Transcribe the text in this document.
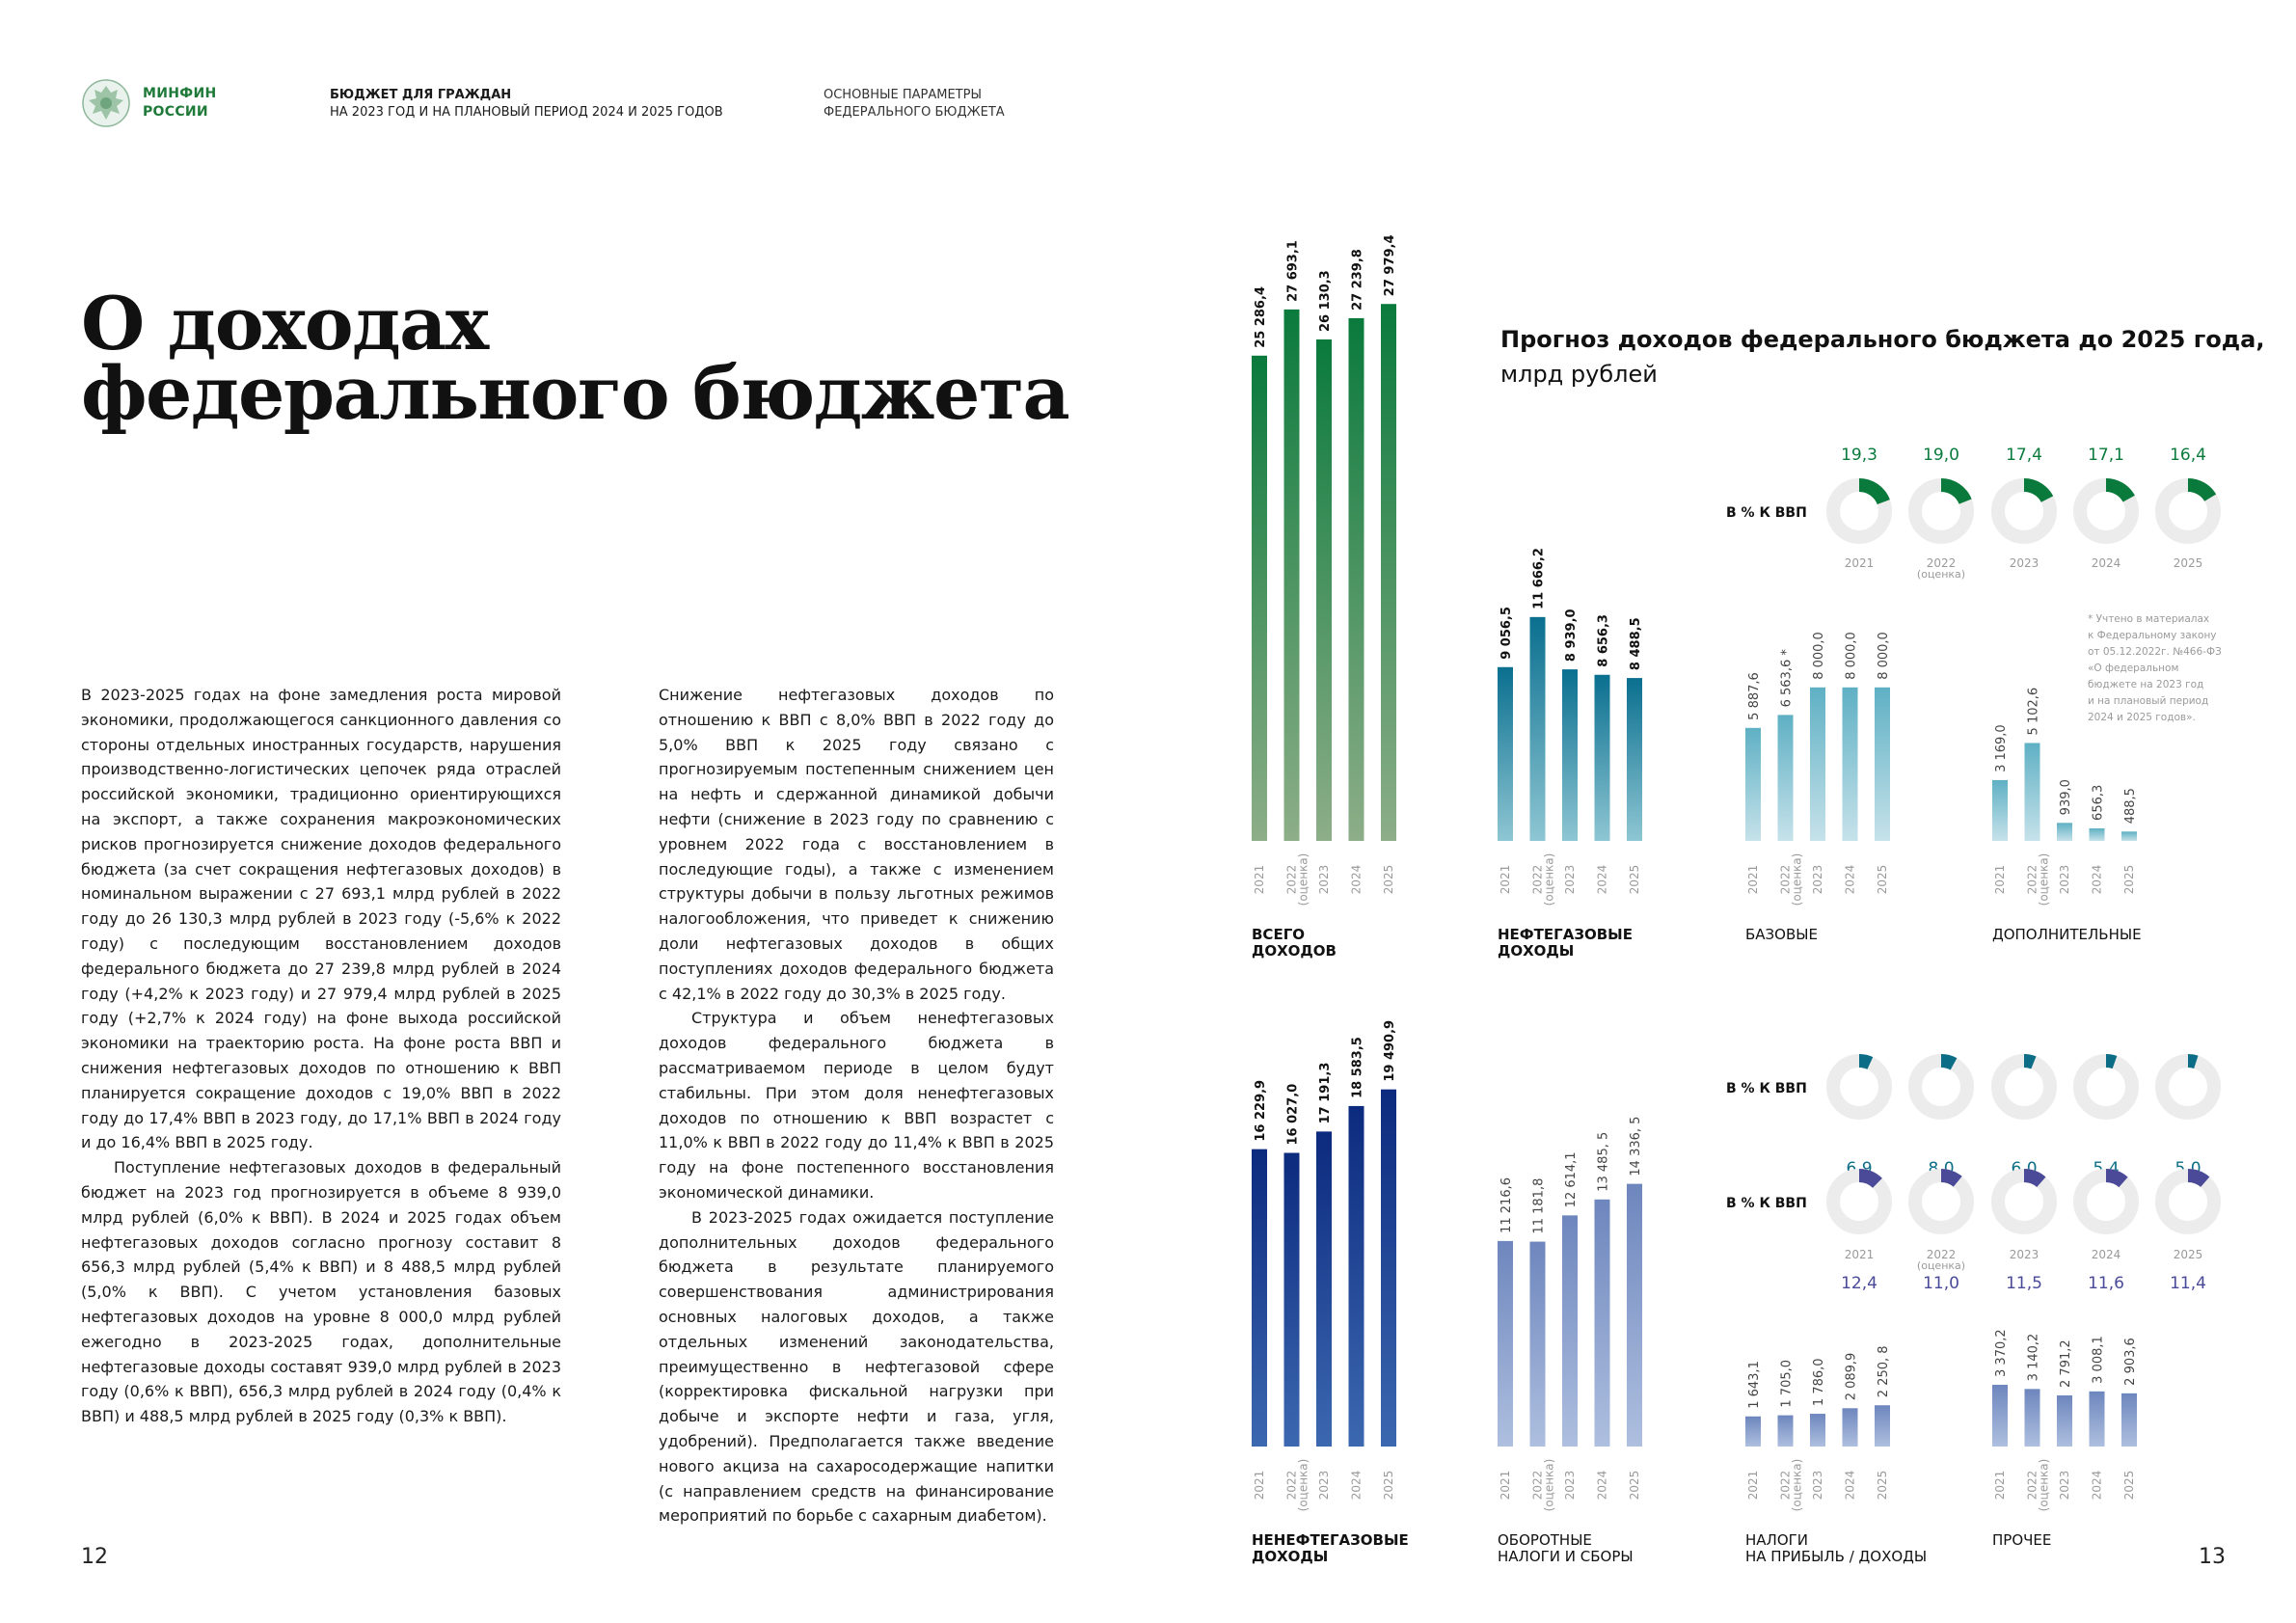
МИНФИН
РОССИИ
БЮДЖЕТ ДЛЯ ГРАЖДАН
НА 2023 ГОД И НА ПЛАНОВЫЙ ПЕРИОД 2024 И 2025 ГОДОВ
ОСНОВНЫЕ ПАРАМЕТРЫ
ФЕДЕРАЛЬНОГО БЮДЖЕТА
О доходах
федерального бюджета

В 2023-2025 годах на фоне замедления роста мировой экономики, продолжающегося санкционного давления со стороны отдельных иностранных государств, нарушения производственно-логистических цепочек ряда отраслей российской экономики, традиционно ориентирующихся на экспорт, а также сохранения макроэкономических рисков прогнозируется снижение доходов федерального бюджета (за счет сокращения нефтегазовых доходов) в номинальном выражении с 27 693,1 млрд рублей в 2022 году до 26 130,3 млрд рублей в 2023 году (-5,6% к 2022 году) с последующим восстановлением доходов федерального бюджета до 27 239,8 млрд рублей в 2024 году (+4,2% к 2023 году) и 27 979,4 млрд рублей в 2025 году (+2,7% к 2024 году) на фоне выхода российской экономики на траекторию роста. На фоне роста ВВП и снижения нефтегазовых доходов по отношению к ВВП планируется сокращение доходов с 19,0% ВВП в 2022 году до 17,4% ВВП в 2023 году, до 17,1% ВВП в 2024 году и до 16,4% ВВП в 2025 году.

Поступление нефтегазовых доходов в федеральный бюджет на 2023 год прогнозируется в объеме 8 939,0 млрд рублей (6,0% к ВВП). В 2024 и 2025 годах объем нефтегазовых доходов согласно прогнозу составит 8 656,3 млрд рублей (5,4% к ВВП) и 8 488,5 млрд рублей (5,0% к ВВП). С учетом установления базовых нефтегазовых доходов на уровне 8 000,0 млрд рублей ежегодно в 2023-2025 годах, дополнительные нефтегазовые доходы составят 939,0 млрд рублей в 2023 году (0,6% к ВВП), 656,3 млрд рублей в 2024 году (0,4% к ВВП) и 488,5 млрд рублей в 2025 году (0,3% к ВВП).

Снижение нефтегазовых доходов по отношению к ВВП с 8,0% ВВП в 2022 году до 5,0% ВВП к 2025 году связано с прогнозируемым постепенным снижением цен на нефть и сдержанной динамикой добычи нефти (снижение в 2023 году по сравнению с уровнем 2022 года с восстановлением в последующие годы), а также с изменением структуры добычи в пользу льготных режимов налогообложения, что приведет к снижению доли нефтегазовых доходов в общих поступлениях доходов федерального бюджета с 42,1% в 2022 году до 30,3% в 2025 году.

Структура и объем ненефтегазовых доходов федерального бюджета в рассматриваемом периоде в целом будут стабильны. При этом доля ненефтегазовых доходов по отношению к ВВП возрастет с 11,0% к ВВП в 2022 году до 11,4% к ВВП в 2025 году на фоне постепенного восстановления экономической динамики.

В 2023-2025 годах ожидается поступление дополнительных доходов федерального бюджета в результате планируемого совершенствования администрирования основных налоговых доходов, а также отдельных изменений законодательства, преимущественно в нефтегазовой сфере (корректировка фискальной нагрузки при добыче и экспорте нефти и газа, угля, удобрений). Предполагается также введение нового акциза на сахаросодержащие напитки (с направлением средств на финансирование мероприятий по борьбе с сахарным диабетом).

12	13
Прогноз доходов федерального бюджета до 2025 года,
млрд рублей
25 286,4
2021
27 693,1
2022
(оценка)
26 130,3
2023
27 239,8
2024
27 979,4
2025
ВСЕГО
ДОХОДОВ
9 056,5
2021
11 666,2
2022
(оценка)
8 939,0
2023
8 656,3
2024
8 488,5
2025
НЕФТЕГАЗОВЫЕ
ДОХОДЫ
5 887,6
2021
6 563,6 *
2022
(оценка)
8 000,0
2023
8 000,0
2024
8 000,0
2025
БАЗОВЫЕ
3 169,0
2021
5 102,6
2022
(оценка)
939,0
2023
656,3
2024
488,5
2025
ДОПОЛНИТЕЛЬНЫЕ
16 229,9
2021
16 027,0
2022
(оценка)
17 191,3
2023
18 583,5
2024
19 490,9
2025
НЕНЕФТЕГАЗОВЫЕ
ДОХОДЫ
11 216,6
2021
11 181,8
2022
(оценка)
12 614,1
2023
13 485, 5
2024
14 336, 5
2025
ОБОРОТНЫЕ
НАЛОГИ И СБОРЫ
1 643,1
2021
1 705,0
2022
(оценка)
1 786,0
2023
2 089,9
2024
2 250, 8
2025
НАЛОГИ
НА ПРИБЫЛЬ / ДОХОДЫ
3 370,2
2021
3 140,2
2022
(оценка)
2 791,2
2023
3 008,1
2024
2 903,6
2025
ПРОЧЕЕ
В % К ВВП
19,3
2021
19,0
2022
(оценка)
17,4
2023
17,1
2024
16,4
2025
В % К ВВП
6,9	8,0	6,0	5,4	5,0
В % К ВВП
12,4
2021
11,0
2022
(оценка)
11,5
2023
11,6
2024
11,4
2025
* Учтено в материалах
к Федеральному закону
от 05.12.2022г. №466-ФЗ
«О федеральном
бюджете на 2023 год
и на плановый период
2024 и 2025 годов».
